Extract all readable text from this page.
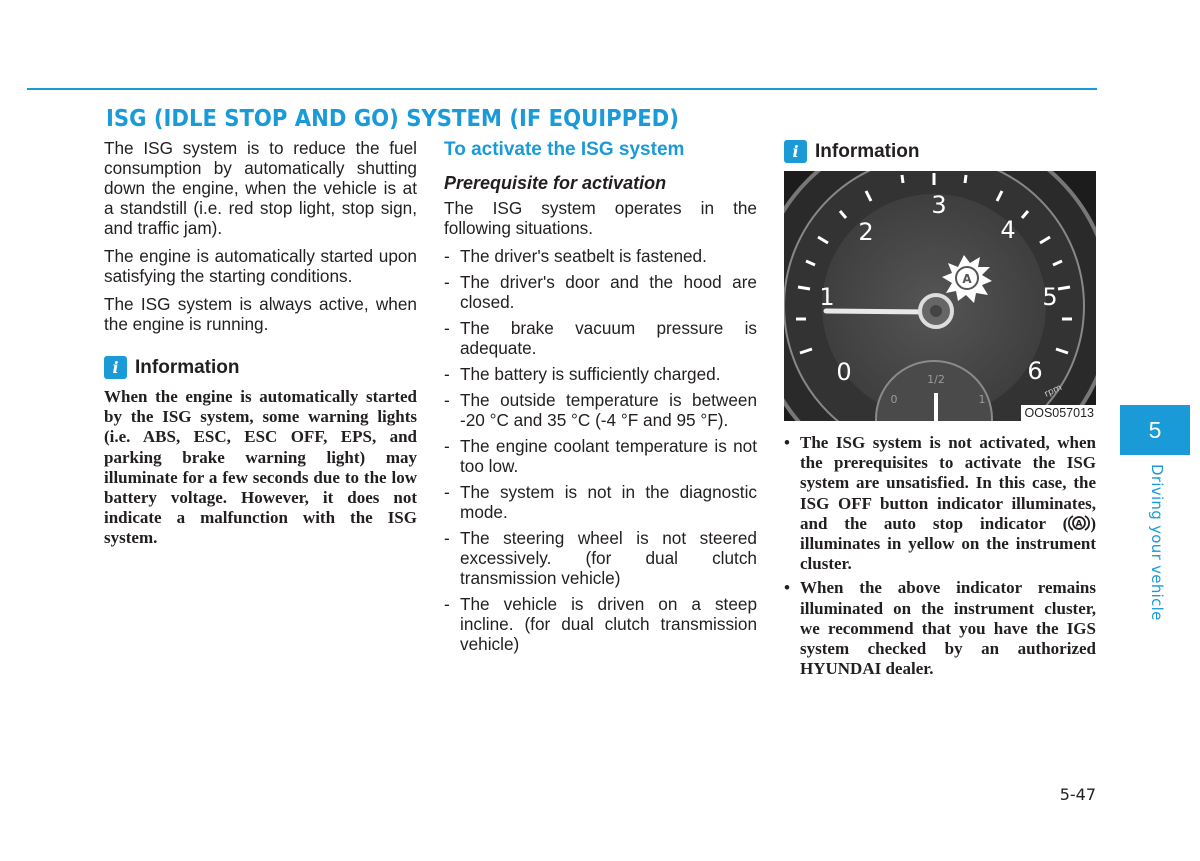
ISG (IDLE STOP AND GO) SYSTEM (IF EQUIPPED)

The ISG system is to reduce the fuel consumption by automatically shutting down the engine, when the vehicle is at a standstill (i.e. red stop light, stop sign, and traffic jam).

The engine is automatically started upon satisfying the starting conditions.

The ISG system is always active, when the engine is running.

i Information

When the engine is automatically started by the ISG system, some warning lights (i.e. ABS, ESC, ESC OFF, EPS, and parking brake warning light) may illuminate for a few seconds due to the low battery voltage. However, it does not indicate a malfunction with the ISG system.

To activate the ISG system
Prerequisite for activation

The ISG system operates in the following situations.

- The driver's seatbelt is fastened.
- The driver's door and the hood are closed.
- The brake vacuum pressure is adequate.
- The battery is sufficiently charged.
- The outside temperature is between -20 °C and 35 °C (-4 °F and 95 °F).
- The engine coolant temperature is not too low.
- The system is not in the diagnostic mode.
- The steering wheel is not steered excessively. (for dual clutch transmission vehicle)
- The vehicle is driven on a steep incline. (for dual clutch transmission vehicle)
i Information
0
1
2
3
4
5
6
0
1/2
1	rpm
A
OOS057013
• The ISG system is not activated, when the prerequisites to activate the ISG system are unsatisfied. In this case, the ISG OFF button indicator illuminates, and the auto stop indicator ( A ) illuminates in yellow on the instrument cluster.
• When the above indicator remains illuminated on the instrument cluster, we recommend that you have the IGS system checked by an authorized HYUNDAI dealer.
5
Driving your vehicle
5-47
